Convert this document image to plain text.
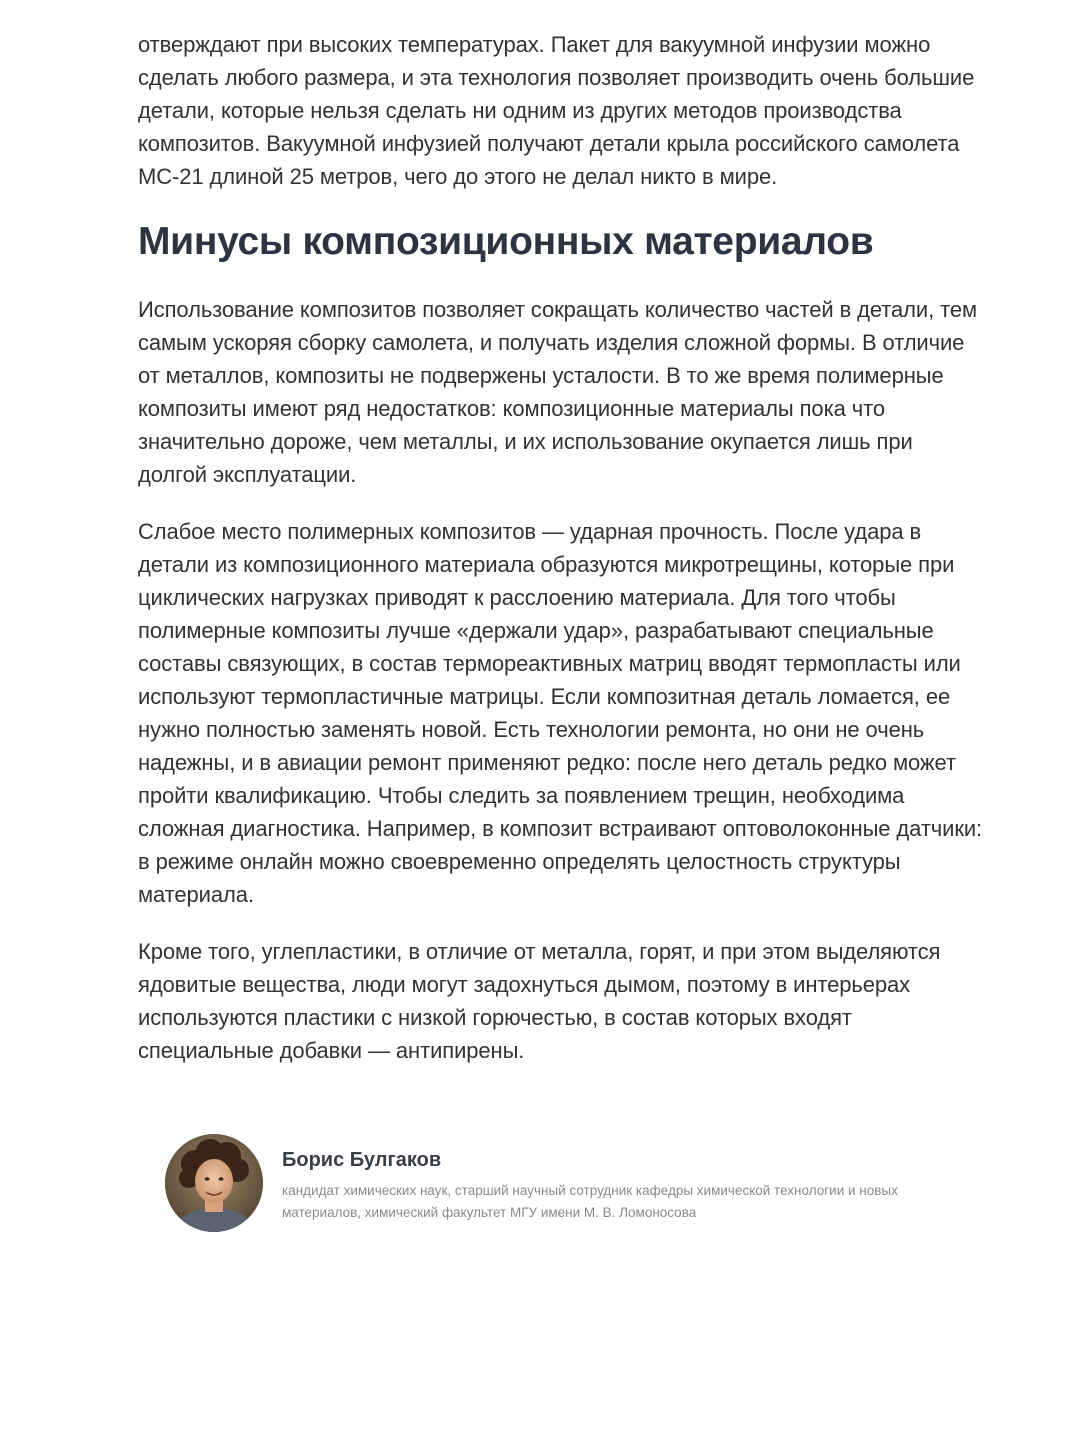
отверждают при высоких температурах. Пакет для вакуумной инфузии можно сделать любого размера, и эта технология позволяет производить очень большие детали, которые нельзя сделать ни одним из других методов производства композитов. Вакуумной инфузией получают детали крыла российского самолета МС-21 длиной 25 метров, чего до этого не делал никто в мире.

Минусы композиционных материалов

Использование композитов позволяет сокращать количество частей в детали, тем самым ускоряя сборку самолета, и получать изделия сложной формы. В отличие от металлов, композиты не подвержены усталости. В то же время полимерные композиты имеют ряд недостатков: композиционные материалы пока что значительно дороже, чем металлы, и их использование окупается лишь при долгой эксплуатации.

Слабое место полимерных композитов — ударная прочность. После удара в детали из композиционного материала образуются микротрещины, которые при циклических нагрузках приводят к расслоению материала. Для того чтобы полимерные композиты лучше «держали удар», разрабатывают специальные составы связующих, в состав термореактивных матриц вводят термопласты или используют термопластичные матрицы. Если композитная деталь ломается, ее нужно полностью заменять новой. Есть технологии ремонта, но они не очень надежны, и в авиации ремонт применяют редко: после него деталь редко может пройти квалификацию. Чтобы следить за появлением трещин, необходима сложная диагностика. Например, в композит встраивают оптоволоконные датчики: в режиме онлайн можно своевременно определять целостность структуры материала.

Кроме того, углепластики, в отличие от металла, горят, и при этом выделяются ядовитые вещества, люди могут задохнуться дымом, поэтому в интерьерах используются пластики с низкой горючестью, в состав которых входят специальные добавки — антипирены.

Борис Булгаков
кандидат химических наук, старший научный сотрудник кафедры химической технологии и новых материалов, химический факультет МГУ имени М. В. Ломоносова
